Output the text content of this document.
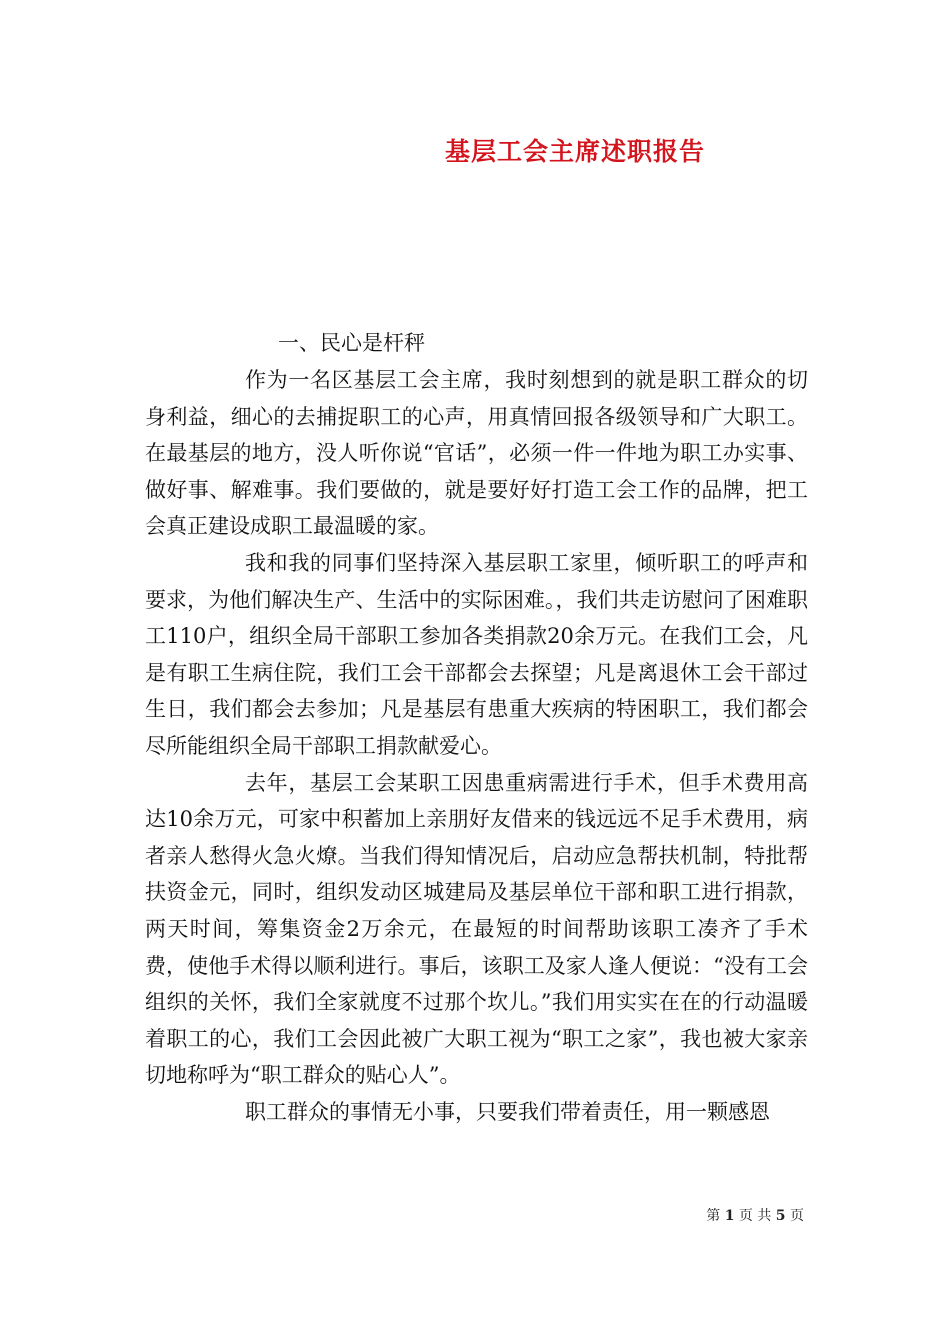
基层工会主席述职报告
一、民心是杆秤

作为一名区基层工会主席，我时刻想到的就是职工群众的切身利益，细心的去捕捉职工的心声，用真情回报各级领导和广大职工。在最基层的地方，没人听你说“官话”，必须一件一件地为职工办实事、做好事、解难事。我们要做的，就是要好好打造工会工作的品牌，把工会真正建设成职工最温暖的家。

我和我的同事们坚持深入基层职工家里，倾听职工的呼声和要求，为他们解决生产、生活中的实际困难。，我们共走访慰问了困难职工110户，组织全局干部职工参加各类捐款20余万元。在我们工会，凡是有职工生病住院，我们工会干部都会去探望；凡是离退休工会干部过生日，我们都会去参加；凡是基层有患重大疾病的特困职工，我们都会尽所能组织全局干部职工捐款献爱心。

去年，基层工会某职工因患重病需进行手术，但手术费用高达10余万元，可家中积蓄加上亲朋好友借来的钱远远不足手术费用，病者亲人愁得火急火燎。当我们得知情况后，启动应急帮扶机制，特批帮扶资金元，同时，组织发动区城建局及基层单位干部和职工进行捐款，两天时间，筹集资金2万余元，在最短的时间帮助该职工凑齐了手术费，使他手术得以顺利进行。事后，该职工及家人逢人便说：“没有工会组织的关怀，我们全家就度不过那个坎儿。”我们用实实在在的行动温暖着职工的心，我们工会因此被广大职工视为“职工之家”，我也被大家亲切地称呼为“职工群众的贴心人”。

职工群众的事情无小事，只要我们带着责任，用一颗感恩

第 1 页 共 5 页
